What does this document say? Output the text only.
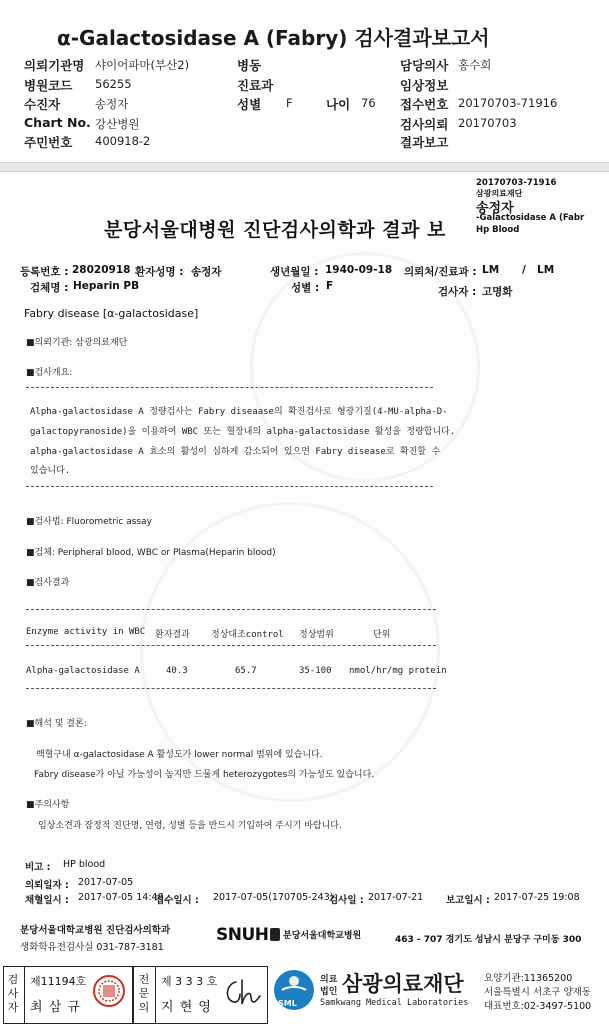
α-Galactosidase A (Fabry) 검사결과보고서
의뢰기관명 샤이어파마(부산2)	병동	담당의사 홍수희
병원코드 56255	진료과	임상정보
수진자	송정자	성별 F	나이 76 접수번호 20170703-71916
Chart No. 강산병원	검사의뢰 20170703
주민번호 400918-2	결과보고
20170703-71916
삼광의료재단
송정자
-Galactosidase A (Fabr
Hp Blood
분당서울대병원 진단검사의학과 결과 보
등록번호 : 28020918 환자성명 : 송정자	생년월일 : 1940-09-18 의뢰처/진료과 : LM / LM
검체명 : Heparin PB	성별 : F	검사자 : 고명화
Fabry disease [α-galactosidase]
■의뢰기관: 삼광의료재단
■검사개요:
Alpha-galactosidase A 정량검사는 Fabry diseaase의 확진검사로 형광기질(4-MU-alpha-D-
galactopyranoside)을 이용하여 WBC 또는 혈장내의 alpha-galactosidase 활성을 정량합니다.
alpha-galactosidase A 효소의 활성이 심하게 감소되어 있으면 Fabry disease로 확진할 수
있습니다.
■검사법: Fluorometric assay
■검체: Peripheral blood, WBC or Plasma(Heparin blood)
■검사결과
Enzyme activity in WBC 환자결과 정상대조control 정상범위	단위
Alpha-galactosidase A	40.3	65.7	35-100 nmol/hr/mg protein
■해석 및 결론:
백혈구내 α-galactosidase A 활성도가 lower normal 범위에 있습니다.
Fabry disease가 아닐 가능성이 높지만 드물게 heterozygotes의 가능성도 있습니다.
■주의사항
임상소견과 잠정적 진단명, 연령, 성별 등을 반드시 기입하여 주시기 바랍니다.
비고 : HP blood
의뢰일자 : 2017-07-05
채혈일시 : 2017-07-05 14:48
접수일시 : 2017-07-05(170705-243)
검사일 : 2017-07-21 보고일시 : 2017-07-25 19:08
분당서울대학교병원 진단검사의학과
생화학유전검사실 031-787-3181
SNUH 분당서울대학교병원	463 - 707 경기도 성남시 분당구 구미동 300
검사자
제11194호
최 삼 규
전문의
제 3 3 3 호
지 현 영	SML
의료
법인 삼광의료재단
Samkwang Medical Laboratories
요양기관:11365200
서울특별시 서초구 양재동
대표번호:02-3497-5100
